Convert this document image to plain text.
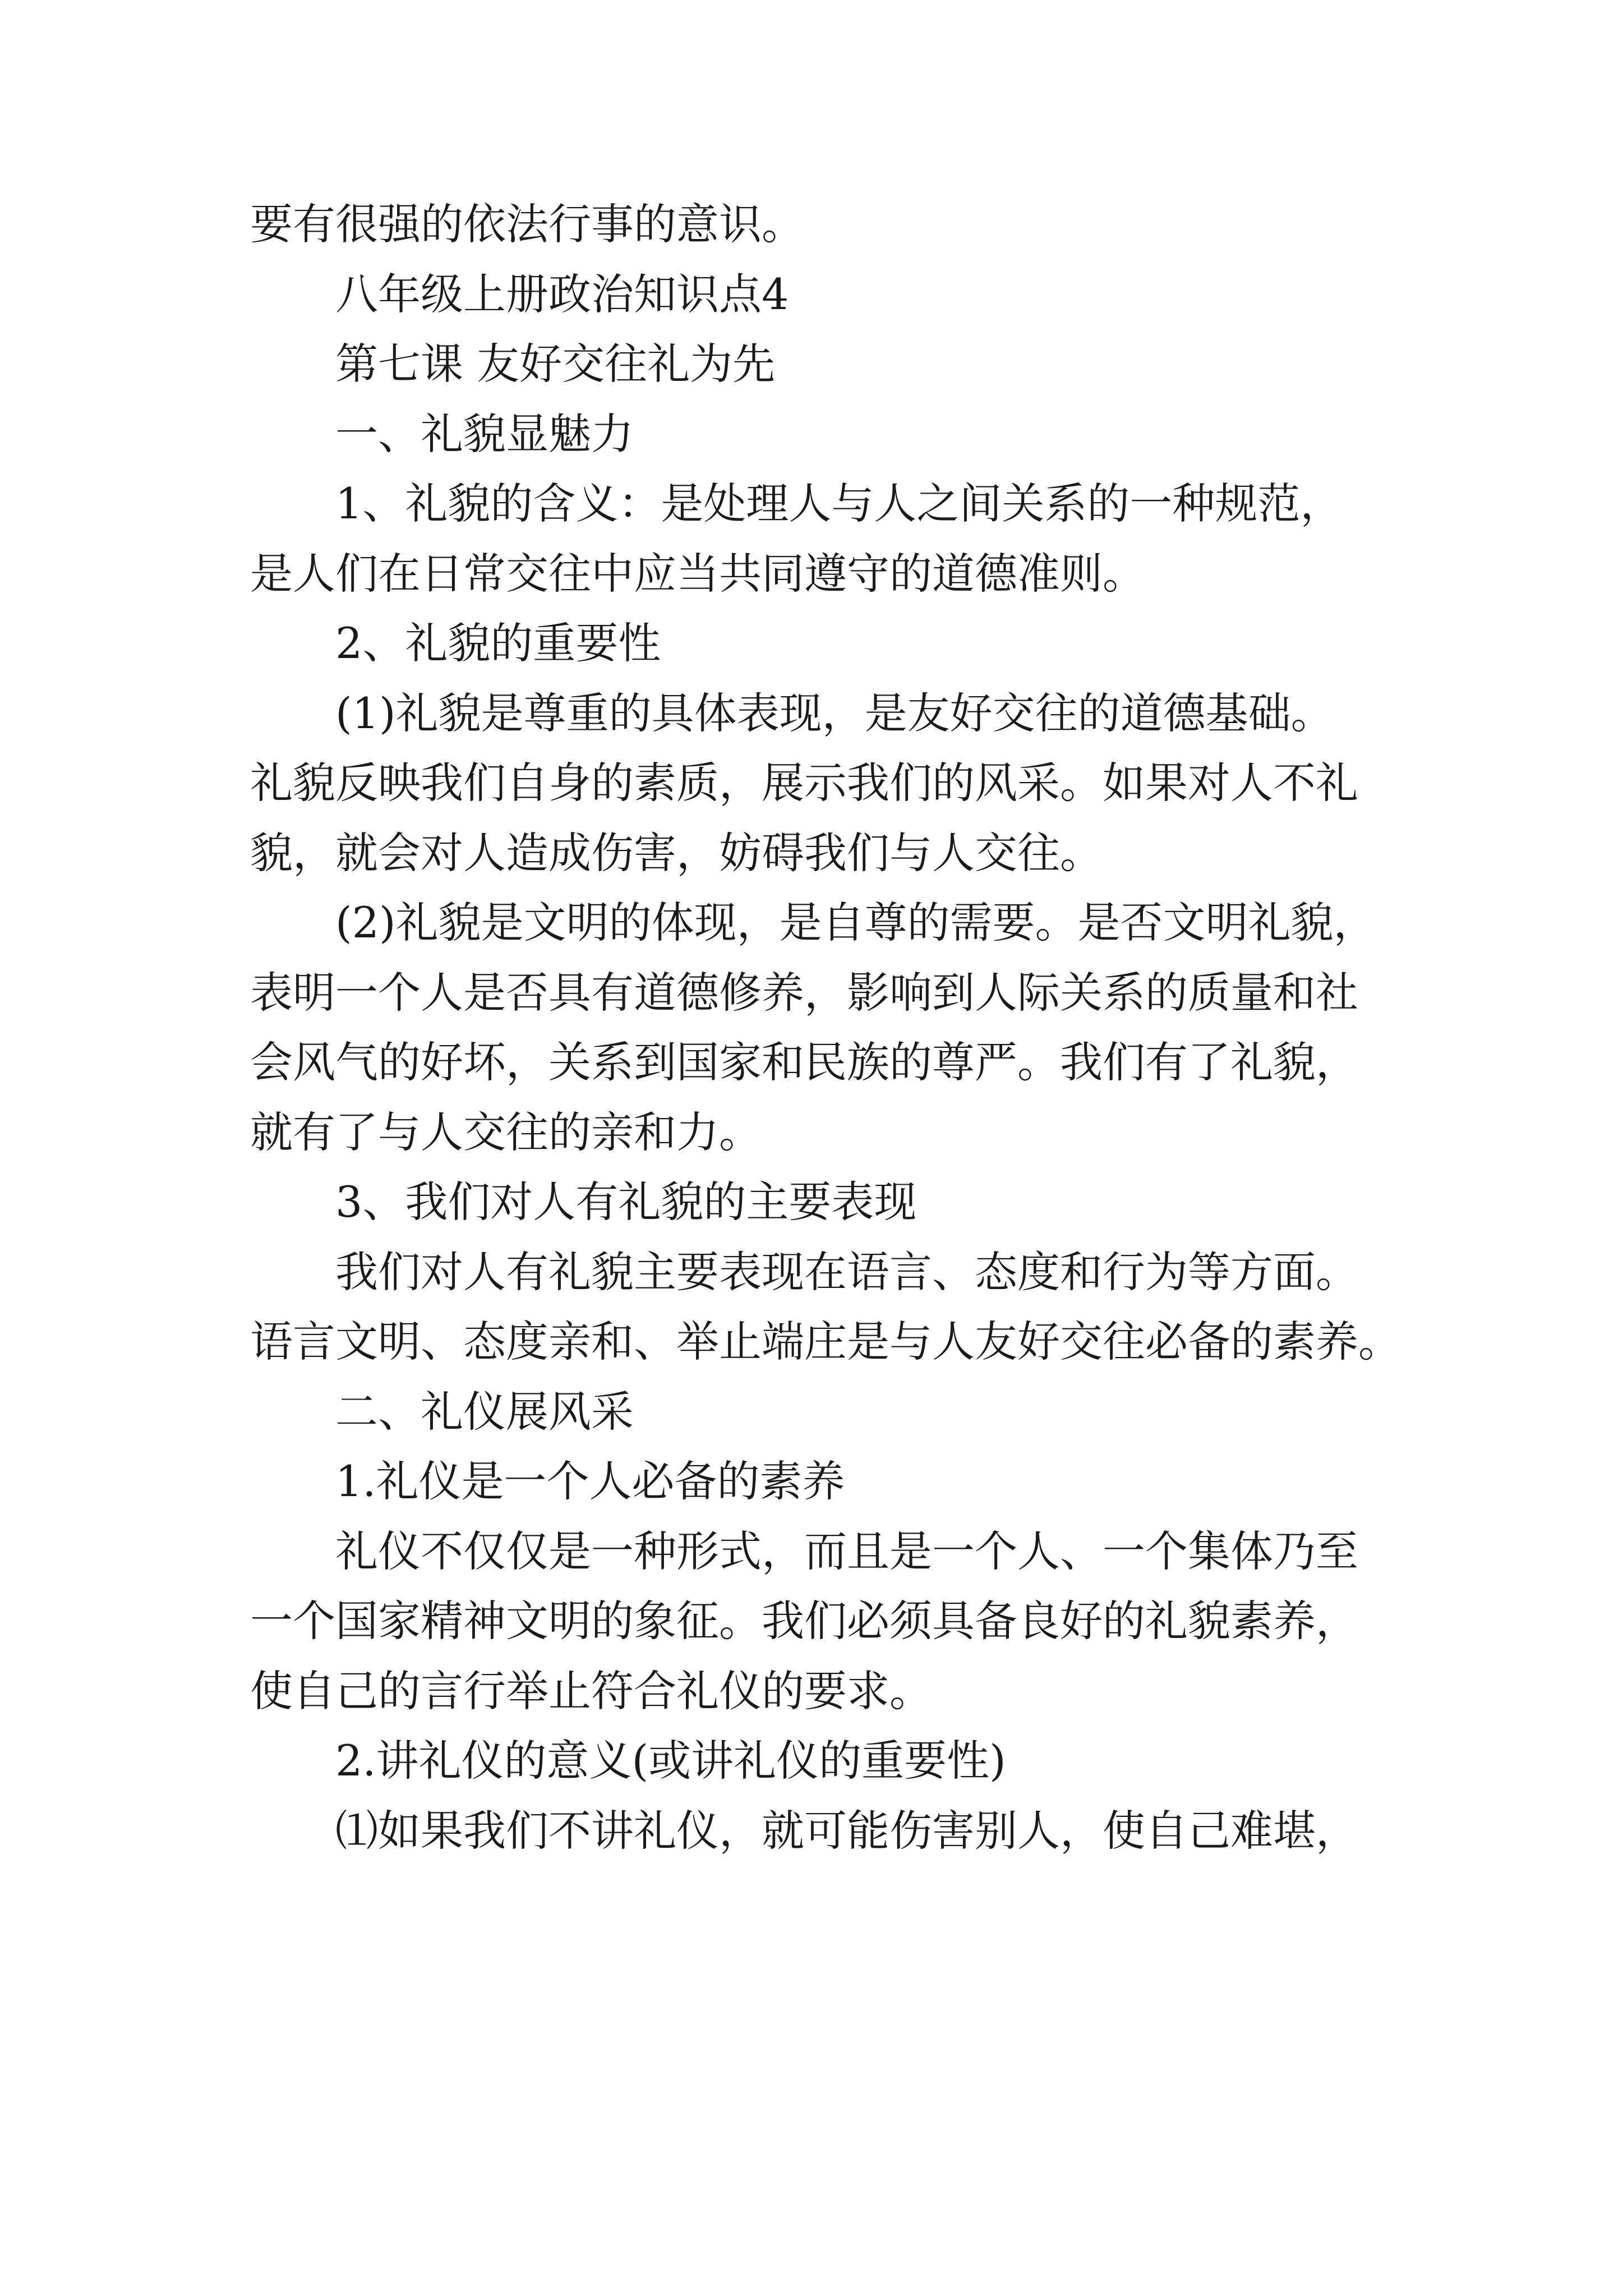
要有很强的依法行事的意识。

八年级上册政治知识点4

第七课 友好交往礼为先

一、礼貌显魅力

1、礼貌的含义：是处理人与人之间关系的一种规范，

是人们在日常交往中应当共同遵守的道德准则。

2、礼貌的重要性

(1)礼貌是尊重的具体表现，是友好交往的道德基础。

礼貌反映我们自身的素质，展示我们的风采。如果对人不礼

貌，就会对人造成伤害，妨碍我们与人交往。

(2)礼貌是文明的体现，是自尊的需要。是否文明礼貌，

表明一个人是否具有道德修养，影响到人际关系的质量和社

会风气的好坏，关系到国家和民族的尊严。我们有了礼貌，

就有了与人交往的亲和力。

3、我们对人有礼貌的主要表现

我们对人有礼貌主要表现在语言、态度和行为等方面。

语言文明、态度亲和、举止端庄是与人友好交往必备的素养。

二、礼仪展风采

1.礼仪是一个人必备的素养

礼仪不仅仅是一种形式，而且是一个人、一个集体乃至

一个国家精神文明的象征。我们必须具备良好的礼貌素养，

使自己的言行举止符合礼仪的要求。

2.讲礼仪的意义(或讲礼仪的重要性)

⑴如果我们不讲礼仪，就可能伤害别人，使自己难堪，
